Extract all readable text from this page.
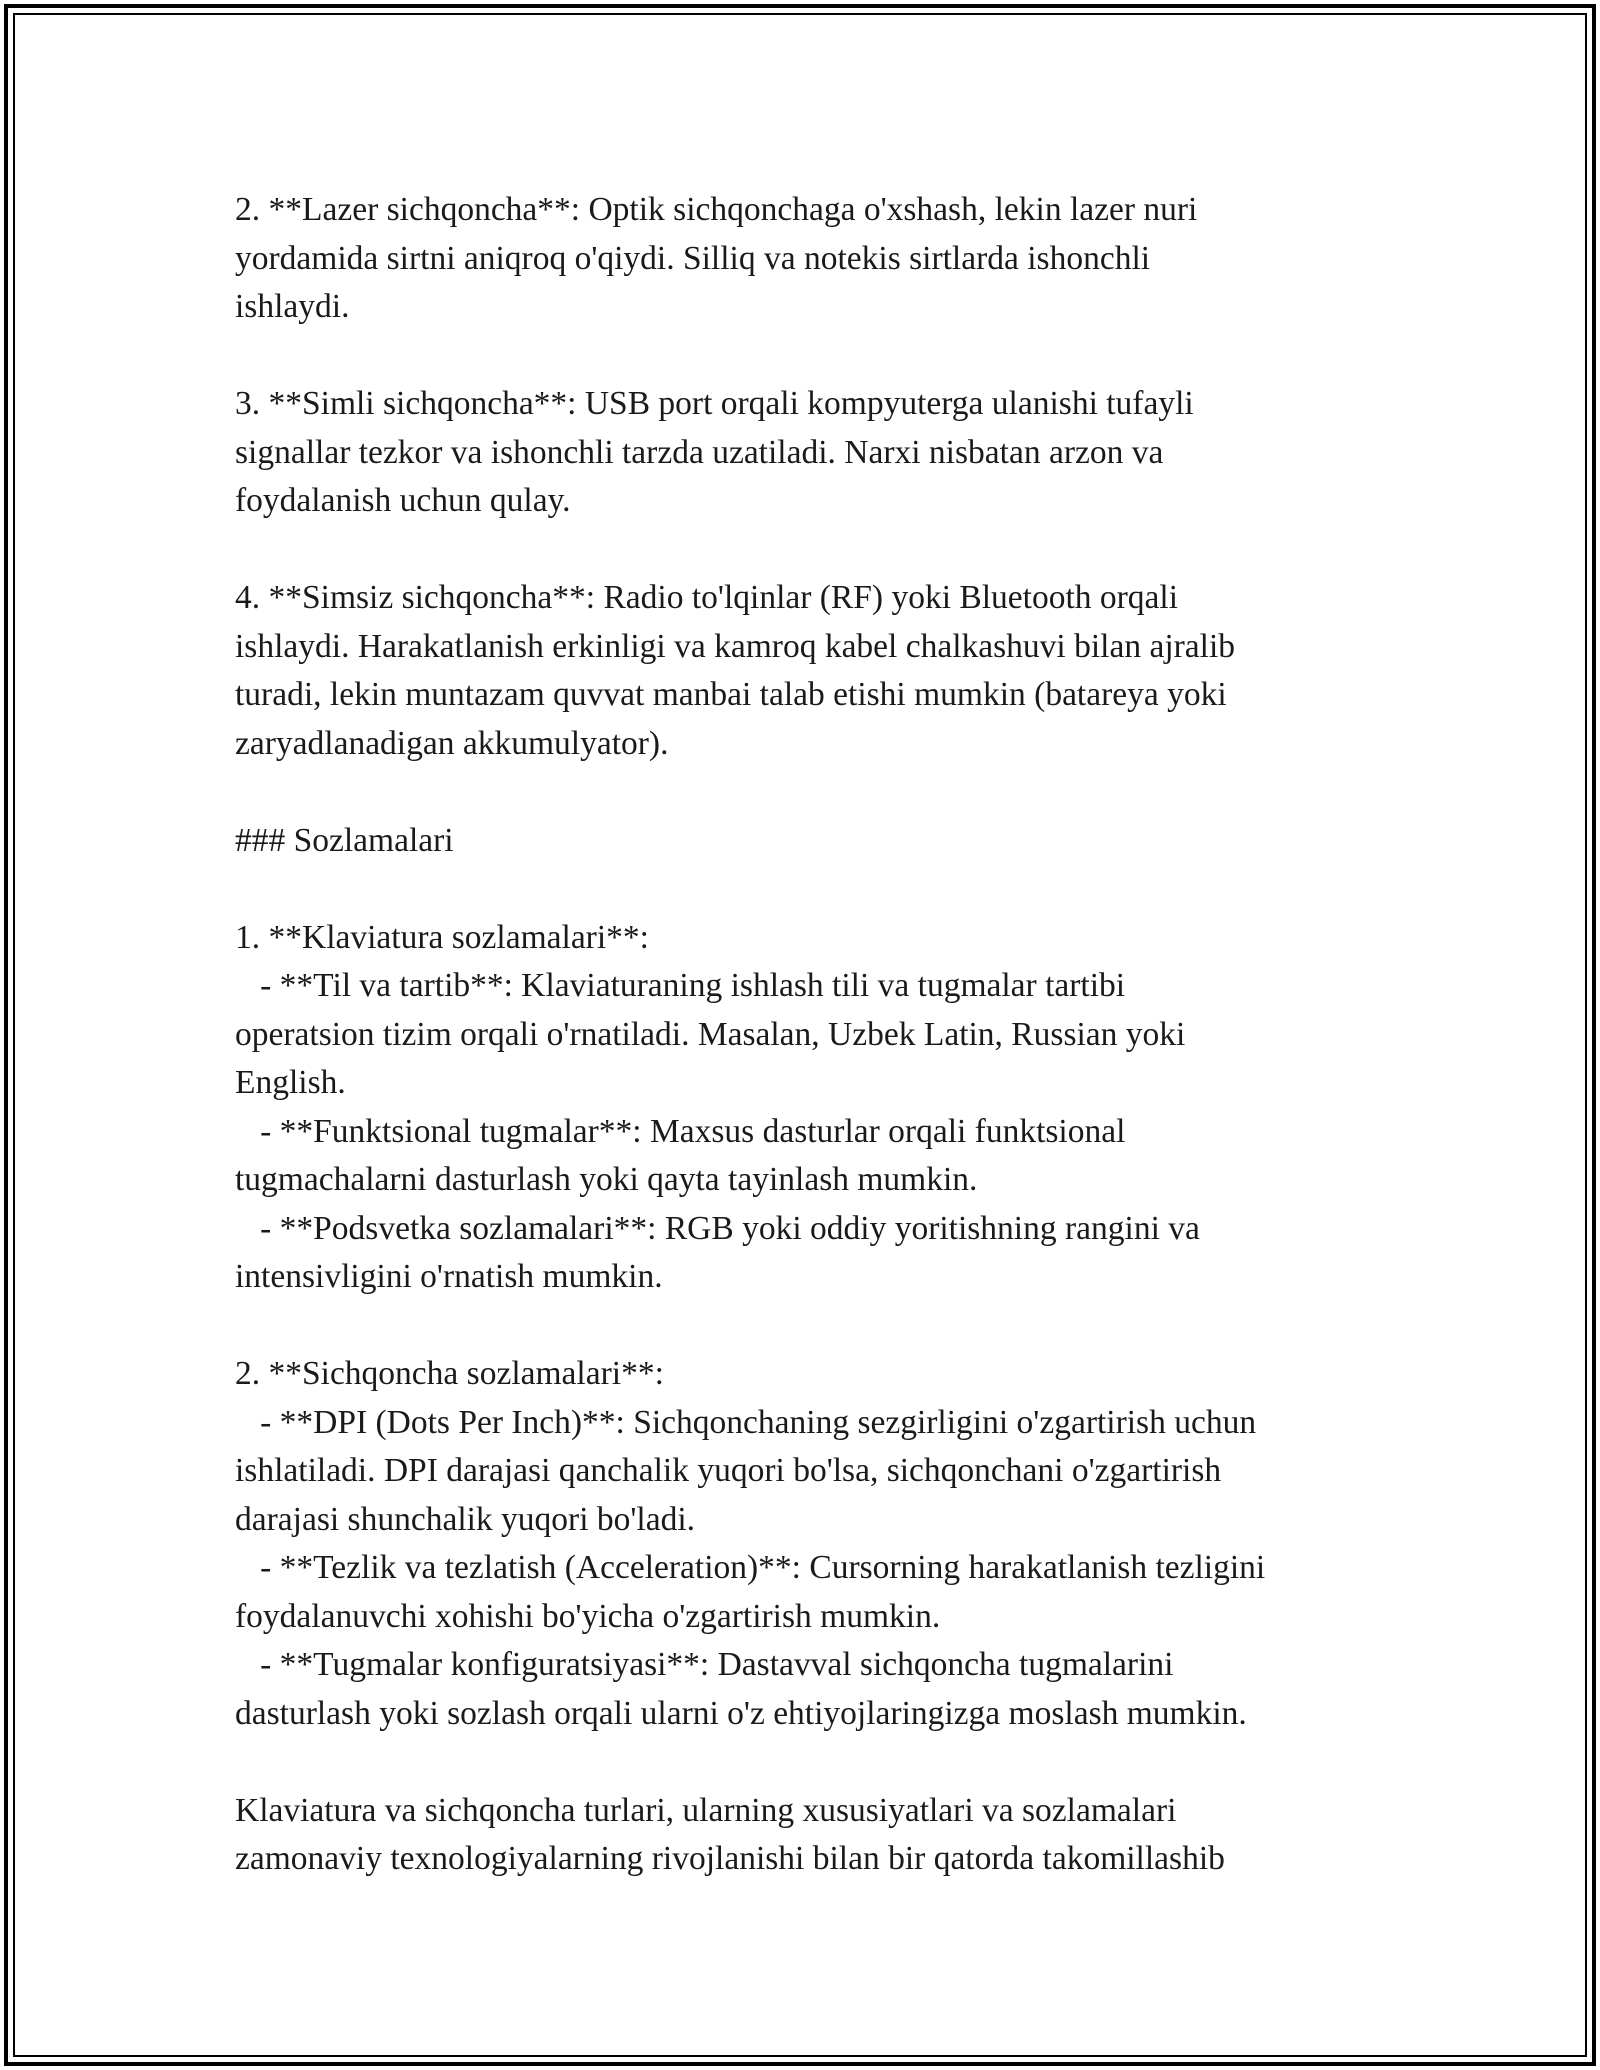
2. **Lazer sichqoncha**: Optik sichqonchaga o'xshash, lekin lazer nuri

yordamida sirtni aniqroq o'qiydi. Silliq va notekis sirtlarda ishonchli

ishlaydi.

3. **Simli sichqoncha**: USB port orqali kompyuterga ulanishi tufayli

signallar tezkor va ishonchli tarzda uzatiladi. Narxi nisbatan arzon va

foydalanish uchun qulay.

4. **Simsiz sichqoncha**: Radio to'lqinlar (RF) yoki Bluetooth orqali

ishlaydi. Harakatlanish erkinligi va kamroq kabel chalkashuvi bilan ajralib

turadi, lekin muntazam quvvat manbai talab etishi mumkin (batareya yoki

zaryadlanadigan akkumulyator).

### Sozlamalari

1. **Klaviatura sozlamalari**:

- **Til va tartib**: Klaviaturaning ishlash tili va tugmalar tartibi

operatsion tizim orqali o'rnatiladi. Masalan, Uzbek Latin, Russian yoki

English.

- **Funktsional tugmalar**: Maxsus dasturlar orqali funktsional

tugmachalarni dasturlash yoki qayta tayinlash mumkin.

- **Podsvetka sozlamalari**: RGB yoki oddiy yoritishning rangini va

intensivligini o'rnatish mumkin.

2. **Sichqoncha sozlamalari**:

- **DPI (Dots Per Inch)**: Sichqonchaning sezgirligini o'zgartirish uchun

ishlatiladi. DPI darajasi qanchalik yuqori bo'lsa, sichqonchani o'zgartirish

darajasi shunchalik yuqori bo'ladi.

- **Tezlik va tezlatish (Acceleration)**: Cursorning harakatlanish tezligini

foydalanuvchi xohishi bo'yicha o'zgartirish mumkin.

- **Tugmalar konfiguratsiyasi**: Dastavval sichqoncha tugmalarini

dasturlash yoki sozlash orqali ularni o'z ehtiyojlaringizga moslash mumkin.

Klaviatura va sichqoncha turlari, ularning xususiyatlari va sozlamalari

zamonaviy texnologiyalarning rivojlanishi bilan bir qatorda takomillashib
